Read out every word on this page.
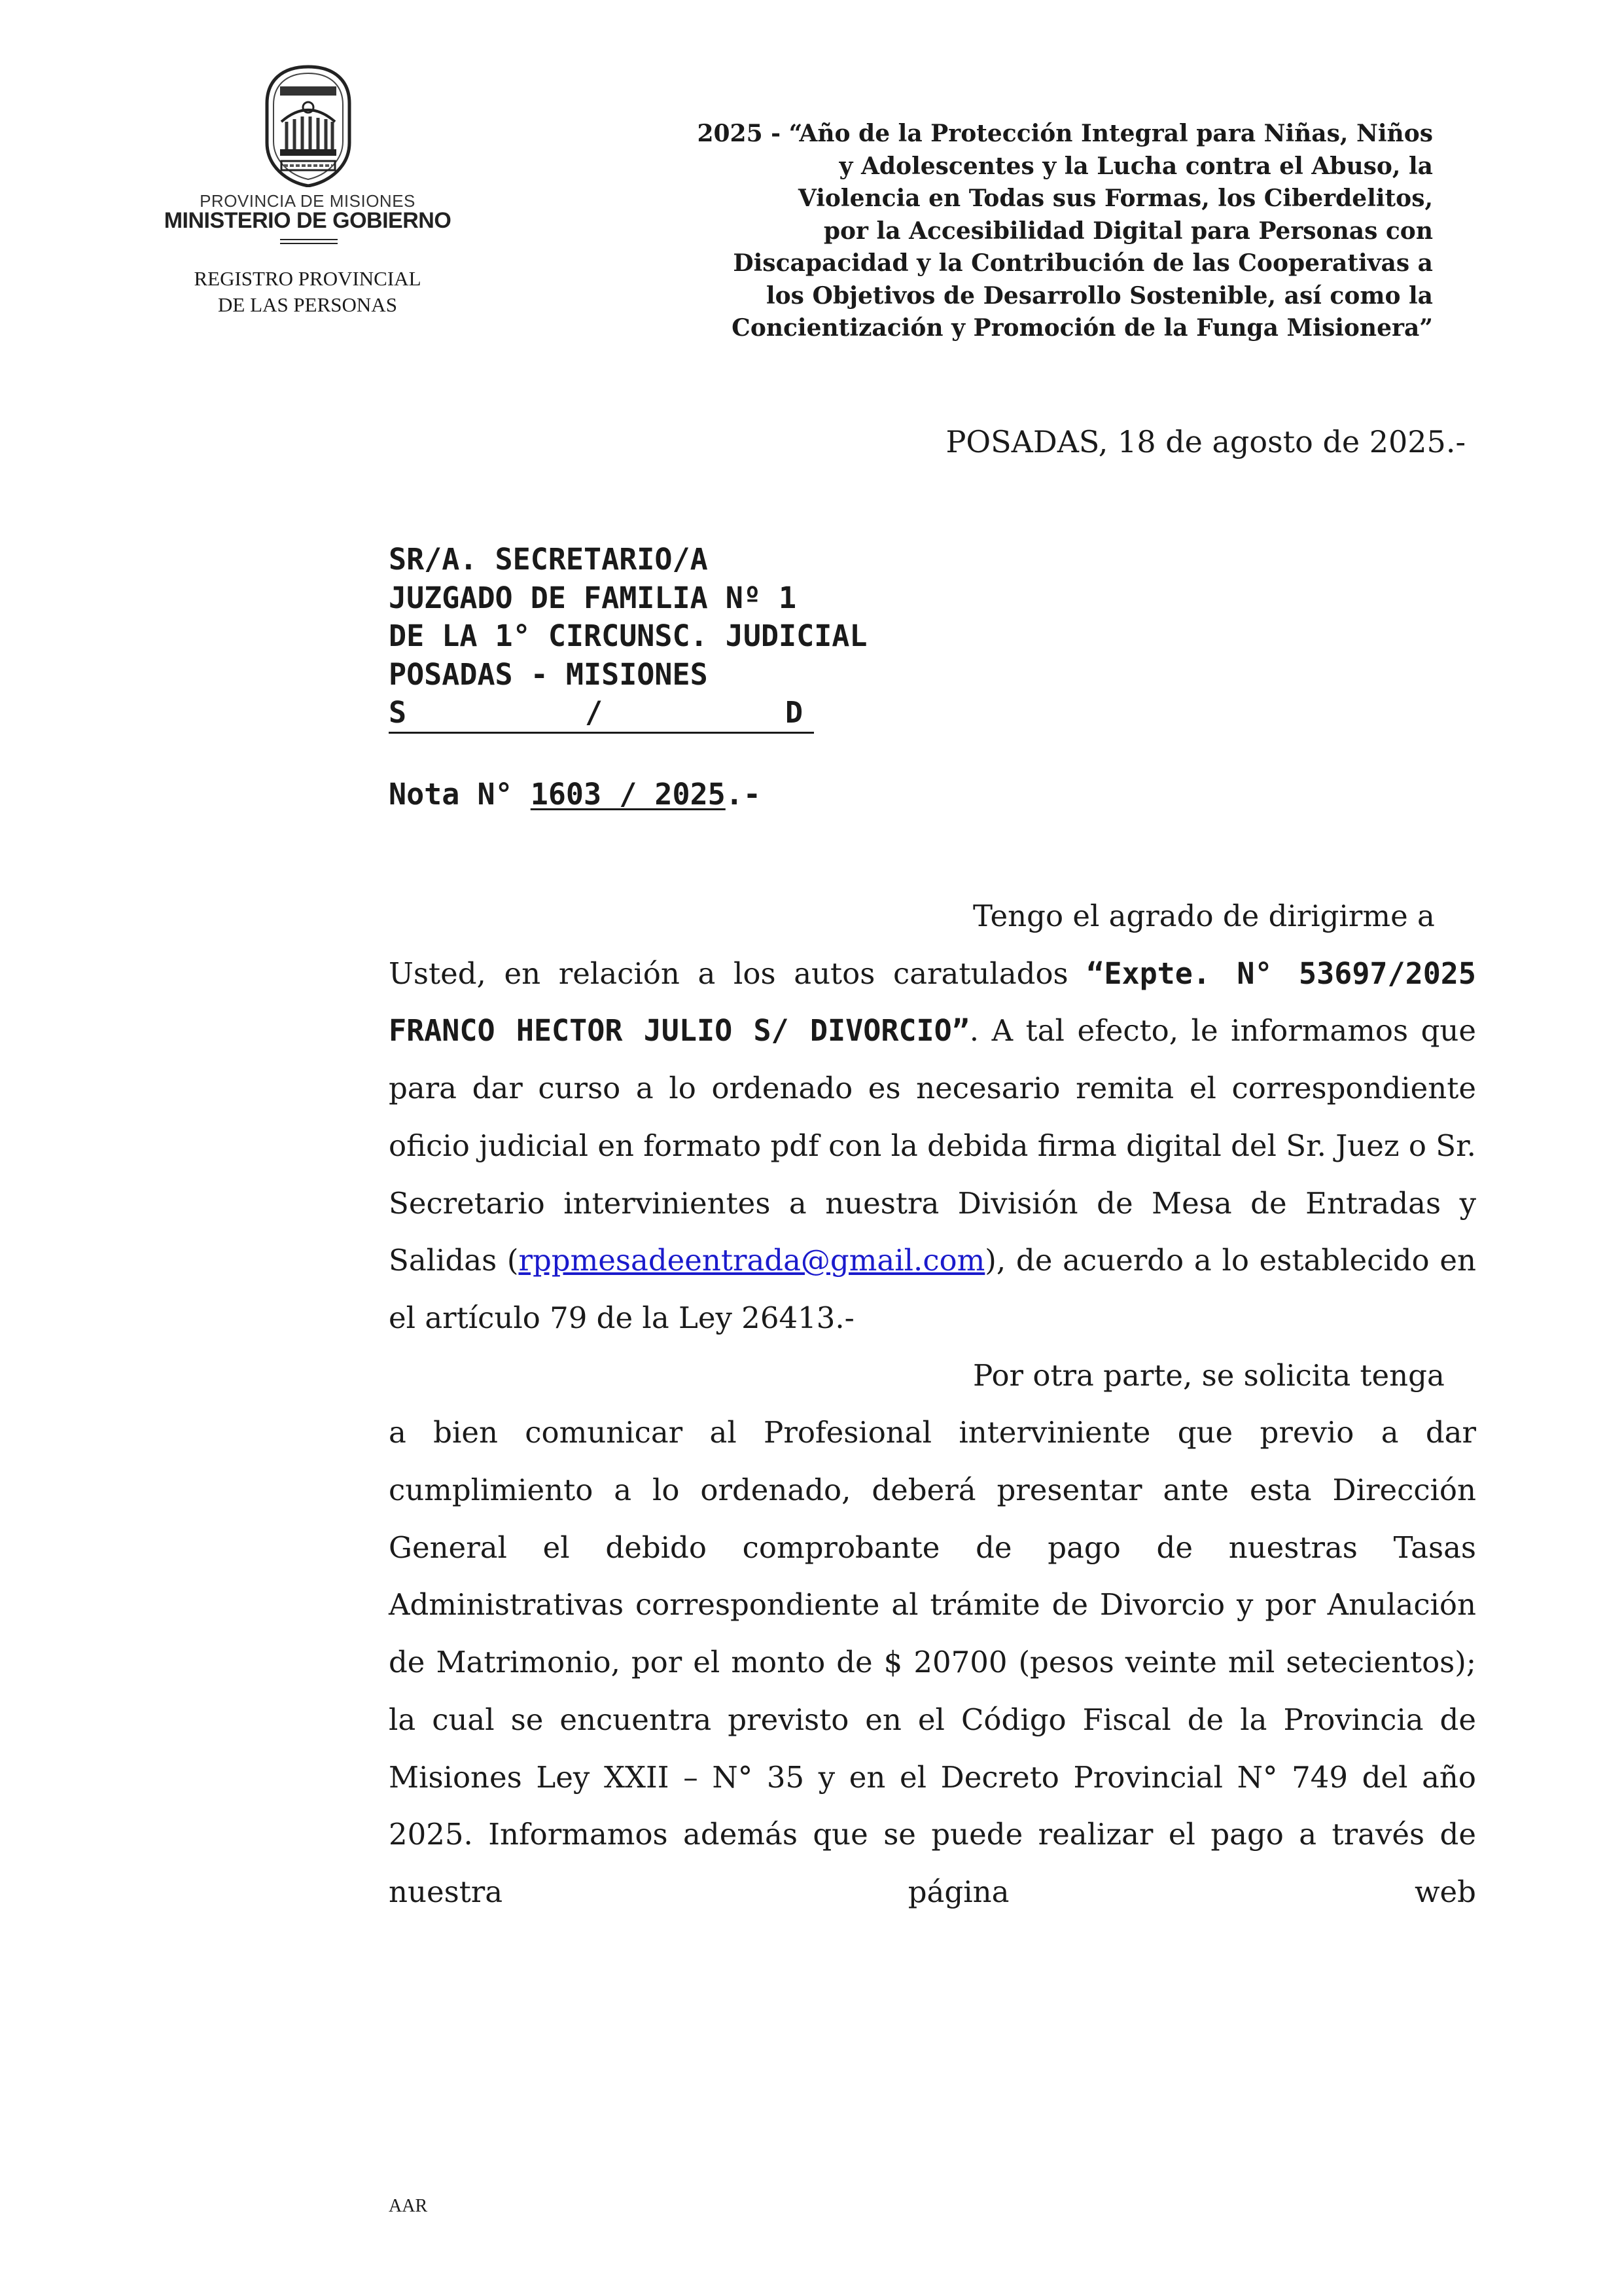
PROVINCIA DE MISIONES
MINISTERIO DE GOBIERNO
REGISTRO PROVINCIAL
DE LAS PERSONAS
2025 - “Año de la Protección Integral para Niñas, Niños
y Adolescentes y la Lucha contra el Abuso, la
Violencia en Todas sus Formas, los Ciberdelitos,
por la Accesibilidad Digital para Personas con
Discapacidad y la Contribución de las Cooperativas a
los Objetivos de Desarrollo Sostenible, así como la
Concientización y Promoción de la Funga Misionera”
POSADAS, 18 de agosto de 2025.-
SR/A. SECRETARIO/A
JUZGADO DE FAMILIA Nº 1
DE LA 1° CIRCUNSC. JUDICIAL
POSADAS - MISIONES
S	/	D
Nota N° 1603 / 2025.-

Tengo el agrado de dirigirme a

Usted, en relación a los autos caratulados “Expte. N° 53697/2025 FRANCO HECTOR JULIO S/ DIVORCIO”. A tal efecto, le informamos que para dar curso a lo ordenado es necesario remita el correspondiente oficio judicial en formato pdf con la debida firma digital del Sr. Juez o Sr. Secretario intervinientes a nuestra División de Mesa de Entradas y Salidas (rppmesadeentrada@gmail.com), de acuerdo a lo establecido en el artículo 79 de la Ley 26413.-

Por otra parte, se solicita tenga

a bien comunicar al Profesional interviniente que previo a dar cumplimiento a lo ordenado, deberá presentar ante esta Dirección General el debido comprobante de pago de nuestras Tasas Administrativas correspondiente al trámite de Divorcio y por Anulación de Matrimonio, por el monto de $ 20700 (pesos veinte mil setecientos); la cual se encuentra previsto en el Código Fiscal de la Provincia de Misiones Ley XXII – N° 35 y en el Decreto Provincial N° 749 del año 2025. Informamos además que se puede realizar el pago a través de nuestra página web

AAR
